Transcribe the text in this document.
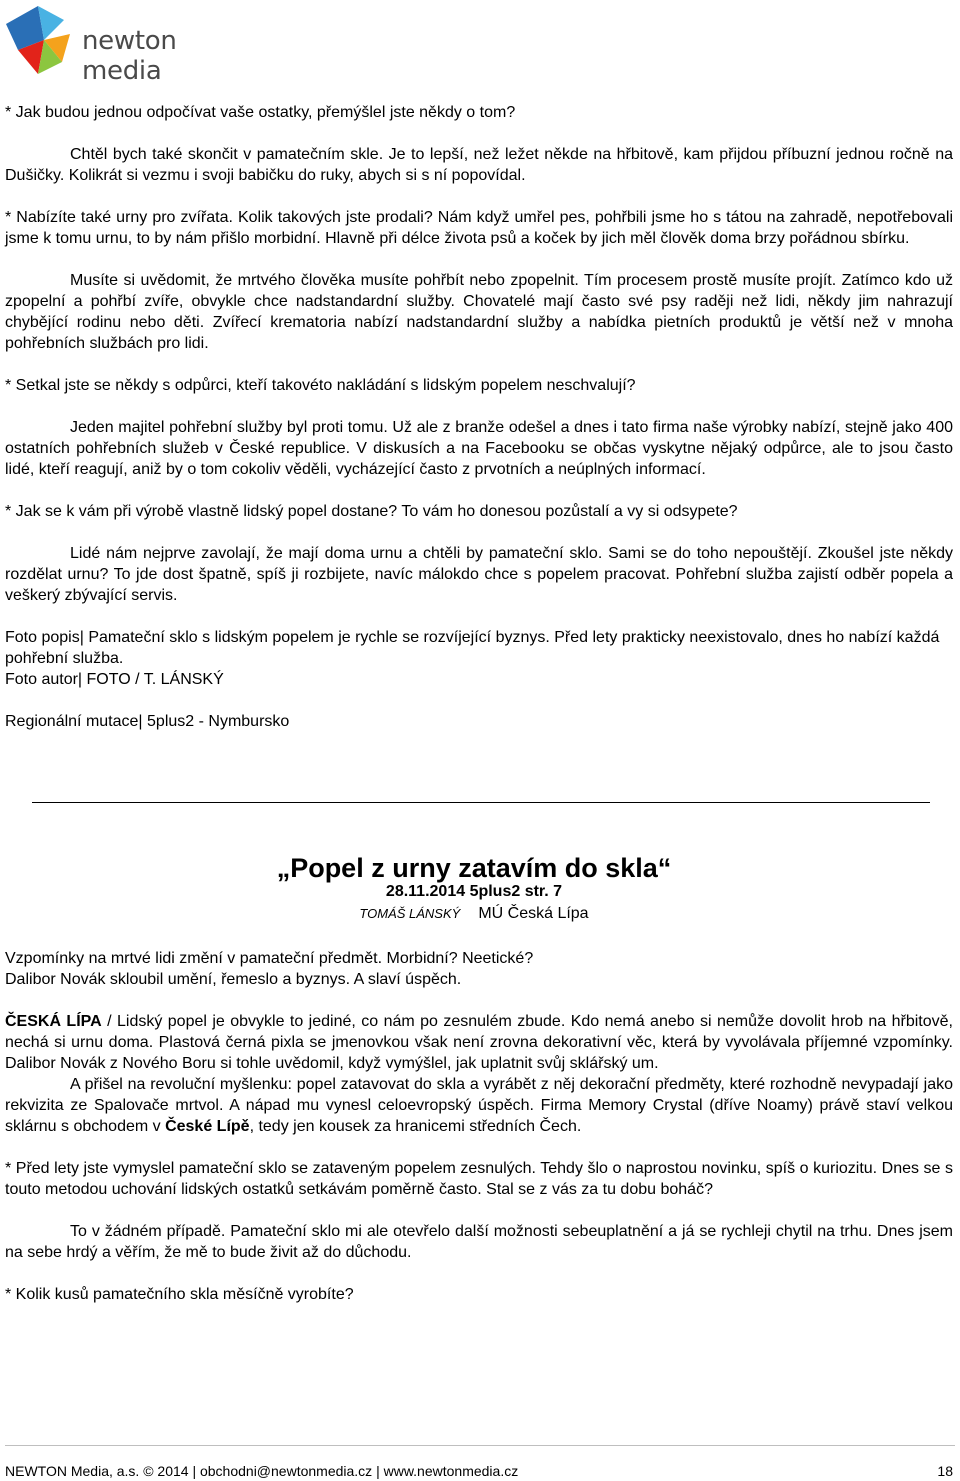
newton media

* Jak budou jednou odpočívat vaše ostatky, přemýšlel jste někdy o tom?

Chtěl bych také skončit v pamatečním skle. Je to lepší, než ležet někde na hřbitově, kam přijdou příbuzní jednou ročně na Dušičky. Kolikrát si vezmu i svoji babičku do ruky, abych si s ní popovídal.

* Nabízíte také urny pro zvířata. Kolik takových jste prodali? Nám když umřel pes, pohřbili jsme ho s tátou na zahradě, nepotřebovali jsme k tomu urnu, to by nám přišlo morbidní. Hlavně při délce života psů a koček by jich měl člověk doma brzy pořádnou sbírku.

Musíte si uvědomit, že mrtvého člověka musíte pohřbít nebo zpopelnit. Tím procesem prostě musíte projít. Zatímco kdo už zpopelní a pohřbí zvíře, obvykle chce nadstandardní služby. Chovatelé mají často své psy raději než lidi, někdy jim nahrazují chybějící rodinu nebo děti. Zvířecí krematoria nabízí nadstandardní služby a nabídka pietních produktů je větší než v mnoha pohřebních službách pro lidi.

* Setkal jste se někdy s odpůrci, kteří takovéto nakládání s lidským popelem neschvalují?

Jeden majitel pohřební služby byl proti tomu. Už ale z branže odešel a dnes i tato firma naše výrobky nabízí, stejně jako 400 ostatních pohřebních služeb v České republice. V diskusích a na Facebooku se občas vyskytne nějaký odpůrce, ale to jsou často lidé, kteří reagují, aniž by o tom cokoliv věděli, vycházející často z prvotních a neúplných informací.

* Jak se k vám při výrobě vlastně lidský popel dostane? To vám ho donesou pozůstalí a vy si odsypete?

Lidé nám nejprve zavolají, že mají doma urnu a chtěli by pamateční sklo. Sami se do toho nepouštějí. Zkoušel jste někdy rozdělat urnu? To jde dost špatně, spíš ji rozbijete, navíc málokdo chce s popelem pracovat. Pohřební služba zajistí odběr popela a veškerý zbývající servis.

Foto popis| Pamateční sklo s lidským popelem je rychle se rozvíjející byznys. Před lety prakticky neexistovalo, dnes ho nabízí každá pohřební služba.

Foto autor| FOTO / T. LÁNSKÝ

Regionální mutace| 5plus2 - Nymbursko

„Popel z urny zatavím do skla“
28.11.2014 5plus2 str. 7
TOMÁŠ LÁNSKÝ MÚ Česká Lípa

Vzpomínky na mrtvé lidi změní v pamateční předmět. Morbidní? Neetické? Dalibor Novák skloubil umění, řemeslo a byznys. A slaví úspěch.

ČESKÁ LÍPA / Lidský popel je obvykle to jediné, co nám po zesnulém zbude. Kdo nemá anebo si nemůže dovolit hrob na hřbitově, nechá si urnu doma. Plastová černá pixla se jmenovkou však není zrovna dekorativní věc, která by vyvolávala příjemné vzpomínky. Dalibor Novák z Nového Boru si tohle uvědomil, když vymýšlel, jak uplatnit svůj sklářský um.

A přišel na revoluční myšlenku: popel zatavovat do skla a vyrábět z něj dekorační předměty, které rozhodně nevypadají jako rekvizita ze Spalovače mrtvol. A nápad mu vynesl celoevropský úspěch. Firma Memory Crystal (dříve Noamy) právě staví velkou sklárnu s obchodem v České Lípě, tedy jen kousek za hranicemi středních Čech.

* Před lety jste vymyslel pamateční sklo se zataveným popelem zesnulých. Tehdy šlo o naprostou novinku, spíš o kuriozitu. Dnes se s touto metodou uchování lidských ostatků setkávám poměrně často. Stal se z vás za tu dobu boháč?

To v žádném případě. Pamateční sklo mi ale otevřelo další možnosti sebeuplatnění a já se rychleji chytil na trhu. Dnes jsem na sebe hrdý a věřím, že mě to bude živit až do důchodu.

* Kolik kusů pamatečního skla měsíčně vyrobíte?

NEWTON Media, a.s. © 2014 | obchodni@newtonmedia.cz | www.newtonmedia.cz	18
